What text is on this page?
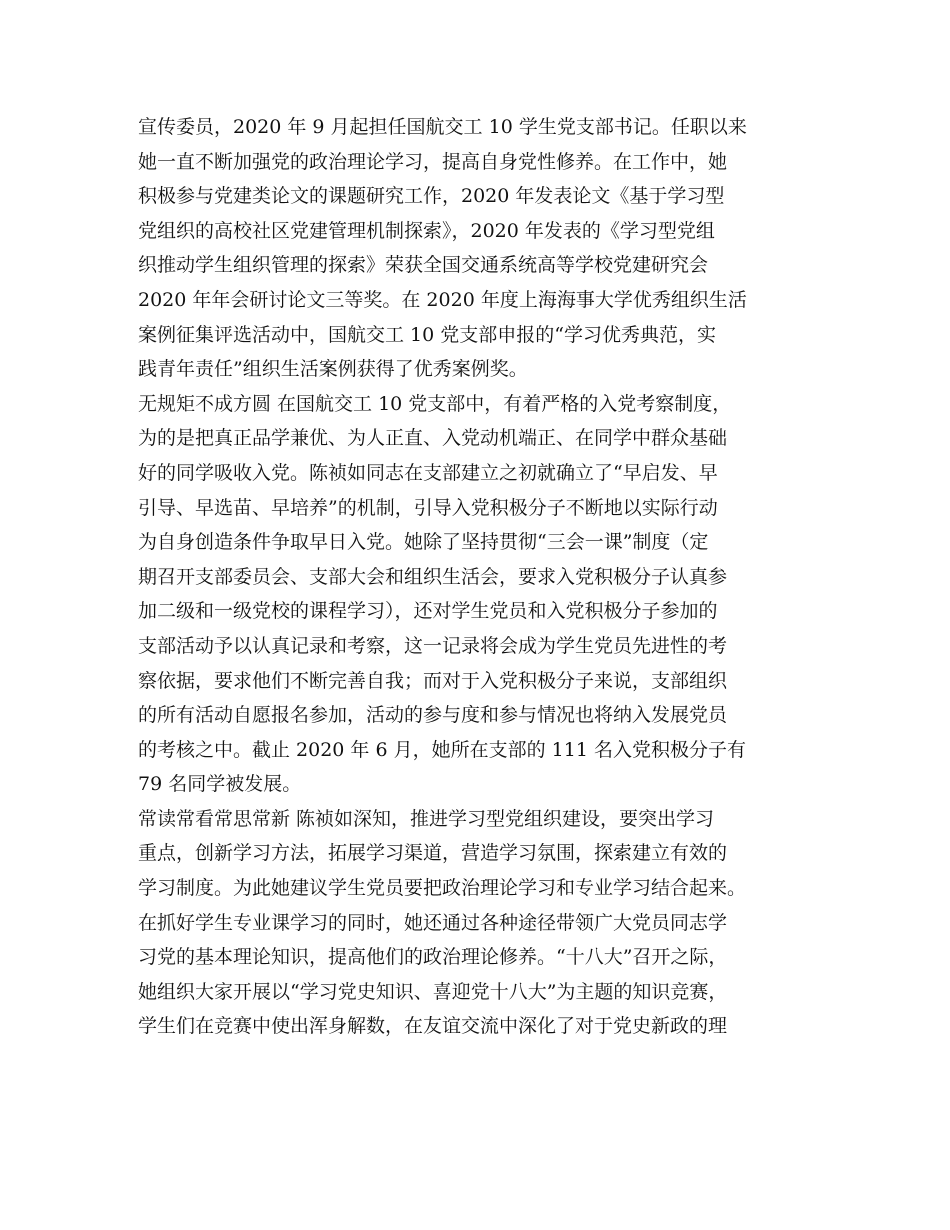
宣传委员，2020 年 9 月起担任国航交工 10 学生党支部书记。任职以来
她一直不断加强党的政治理论学习，提高自身党性修养。在工作中，她
积极参与党建类论文的课题研究工作，2020 年发表论文《基于学习型
党组织的高校社区党建管理机制探索》，2020 年发表的《学习型党组
织推动学生组织管理的探索》荣获全国交通系统高等学校党建研究会
2020 年年会研讨论文三等奖。在 2020 年度上海海事大学优秀组织生活
案例征集评选活动中，国航交工 10 党支部申报的“学习优秀典范，实
践青年责任”组织生活案例获得了优秀案例奖。
无规矩不成方圆 在国航交工 10 党支部中，有着严格的入党考察制度，
为的是把真正品学兼优、为人正直、入党动机端正、在同学中群众基础
好的同学吸收入党。陈祯如同志在支部建立之初就确立了“早启发、早
引导、早选苗、早培养”的机制，引导入党积极分子不断地以实际行动
为自身创造条件争取早日入党。她除了坚持贯彻“三会一课”制度（定
期召开支部委员会、支部大会和组织生活会，要求入党积极分子认真参
加二级和一级党校的课程学习），还对学生党员和入党积极分子参加的
支部活动予以认真记录和考察，这一记录将会成为学生党员先进性的考
察依据，要求他们不断完善自我；而对于入党积极分子来说，支部组织
的所有活动自愿报名参加，活动的参与度和参与情况也将纳入发展党员
的考核之中。截止 2020 年 6 月，她所在支部的 111 名入党积极分子有
79 名同学被发展。
常读常看常思常新 陈祯如深知，推进学习型党组织建设，要突出学习
重点，创新学习方法，拓展学习渠道，营造学习氛围，探索建立有效的
学习制度。为此她建议学生党员要把政治理论学习和专业学习结合起来。
在抓好学生专业课学习的同时，她还通过各种途径带领广大党员同志学
习党的基本理论知识，提高他们的政治理论修养。“十八大”召开之际，
她组织大家开展以“学习党史知识、喜迎党十八大”为主题的知识竞赛，
学生们在竞赛中使出浑身解数，在友谊交流中深化了对于党史新政的理
